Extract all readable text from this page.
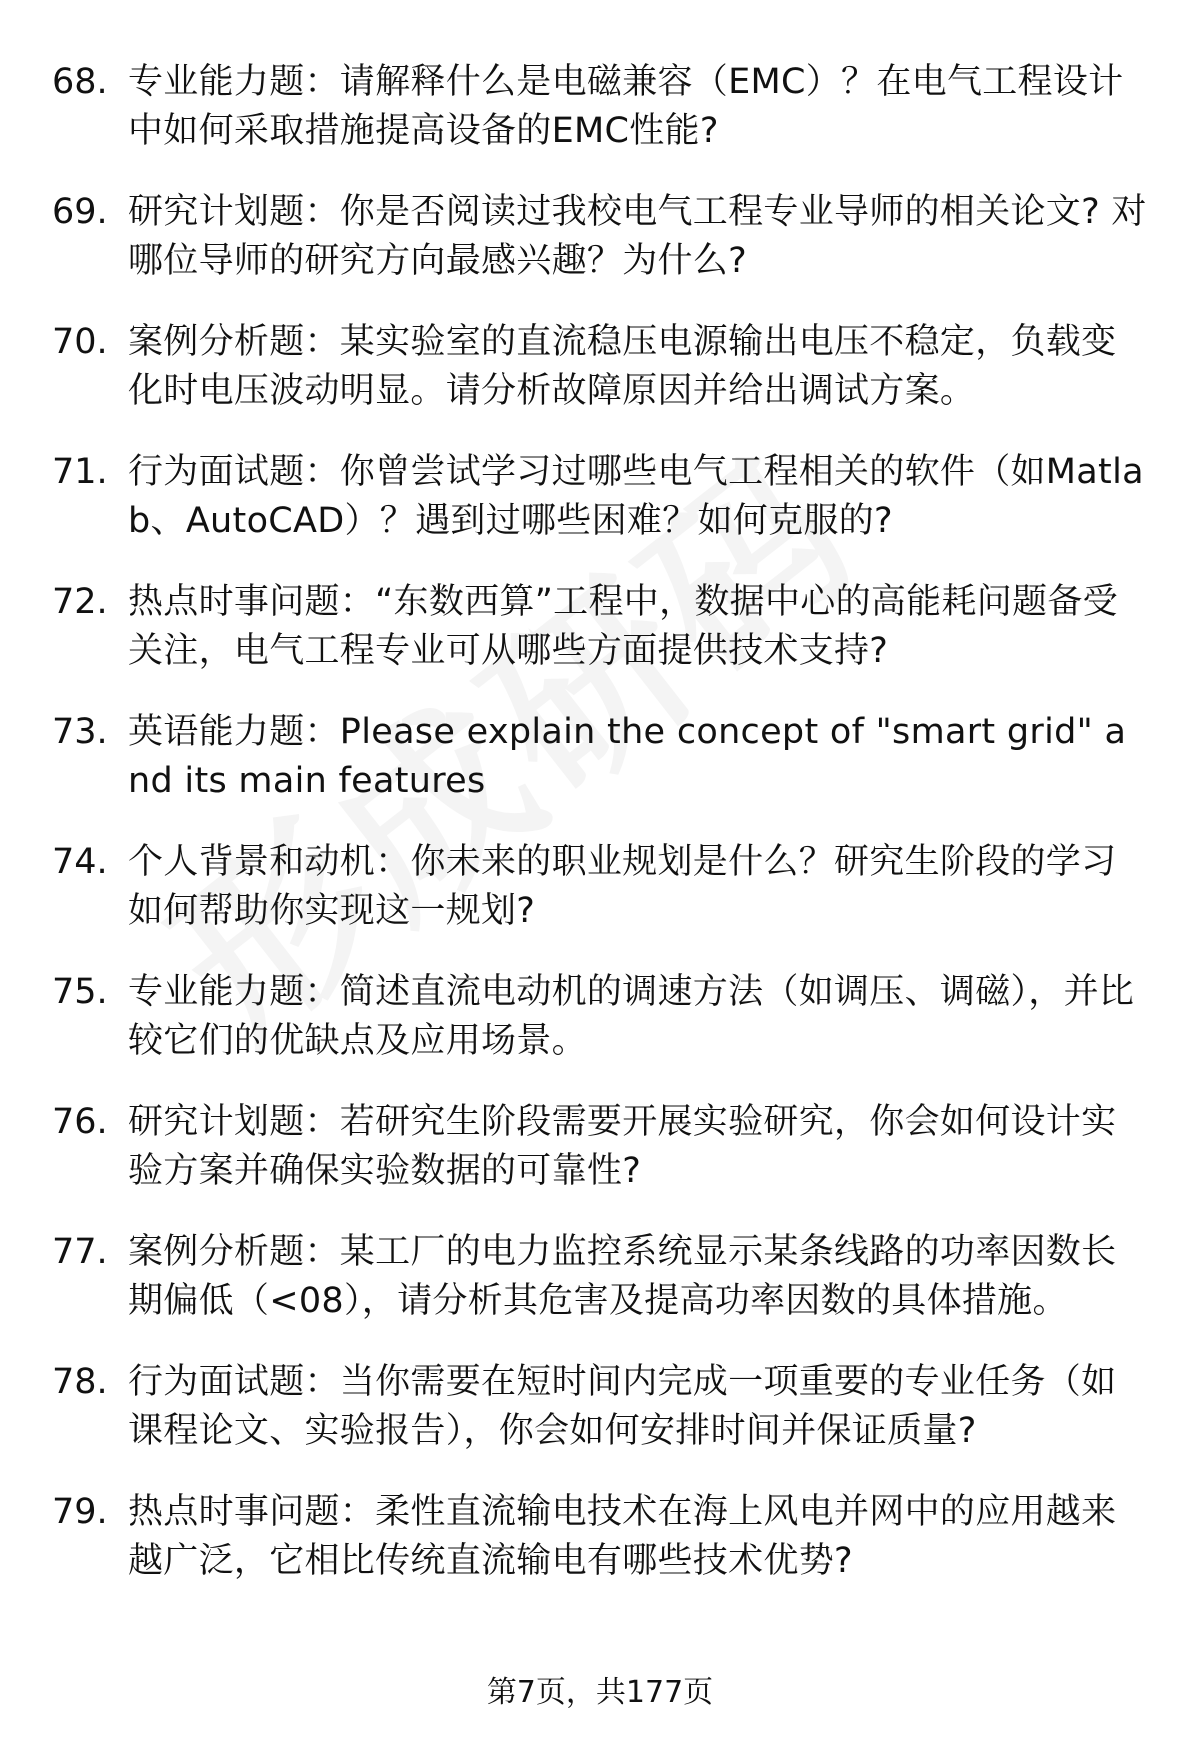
68. 专业能力题：请解释什么是电磁兼容（EMC）？在电气工程设计中如何采取措施提高设备的EMC性能?
69. 研究计划题：你是否阅读过我校电气工程专业导师的相关论文? 对哪位导师的研究方向最感兴趣？为什么?
70. 案例分析题：某实验室的直流稳压电源输出电压不稳定，负载变化时电压波动明显。请分析故障原因并给出调试方案。
71. 行为面试题：你曾尝试学习过哪些电气工程相关的软件（如Matlab、AutoCAD）？遇到过哪些困难？如何克服的?
72. 热点时事问题：“东数西算”工程中，数据中心的高能耗问题备受关注，电气工程专业可从哪些方面提供技术支持?
73. 英语能力题：Please explain the concept of "smart grid" and its main features
74. 个人背景和动机：你未来的职业规划是什么？研究生阶段的学习如何帮助你实现这一规划?
75. 专业能力题：简述直流电动机的调速方法（如调压、调磁），并比较它们的优缺点及应用场景。
76. 研究计划题：若研究生阶段需要开展实验研究，你会如何设计实验方案并确保实验数据的可靠性?
77. 案例分析题：某工厂的电力监控系统显示某条线路的功率因数长期偏低（<08），请分析其危害及提高功率因数的具体措施。
78. 行为面试题：当你需要在短时间内完成一项重要的专业任务（如课程论文、实验报告），你会如何安排时间并保证质量?
79. 热点时事问题：柔性直流输电技术在海上风电并网中的应用越来越广泛，它相比传统直流输电有哪些技术优势?
第7页，共177页
